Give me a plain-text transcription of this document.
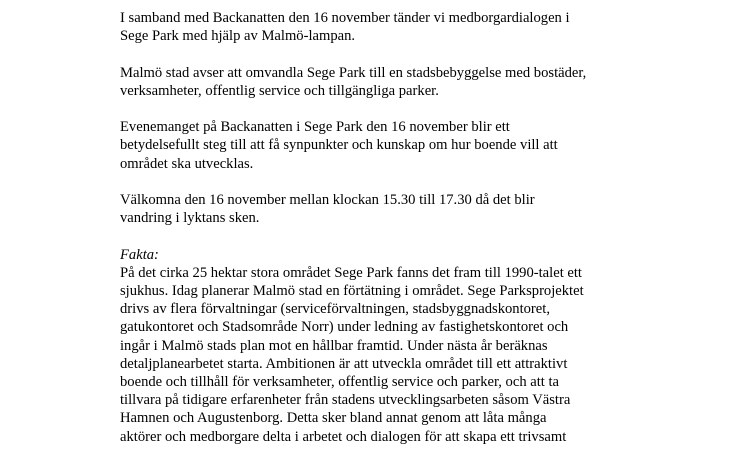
I samband med Backanatten den 16 november tänder vi medborgardialogen i
Sege Park med hjälp av Malmö-lampan.
Malmö stad avser att omvandla Sege Park till en stadsbebyggelse med bostäder,
verksamheter, offentlig service och tillgängliga parker.
Evenemanget på Backanatten i Sege Park den 16 november blir ett
betydelsefullt steg till att få synpunkter och kunskap om hur boende vill att
området ska utvecklas.
Välkomna den 16 november mellan klockan 15.30 till 17.30 då det blir
vandring i lyktans sken.
Fakta:
På det cirka 25 hektar stora området Sege Park fanns det fram till 1990-talet ett
sjukhus. Idag planerar Malmö stad en förtätning i området. Sege Parksprojektet
drivs av flera förvaltningar (serviceförvaltningen, stadsbyggnadskontoret,
gatukontoret och Stadsområde Norr) under ledning av fastighetskontoret och
ingår i Malmö stads plan mot en hållbar framtid. Under nästa år beräknas
detaljplanearbetet starta. Ambitionen är att utveckla området till ett attraktivt
boende och tillhåll för verksamheter, offentlig service och parker, och att ta
tillvara på tidigare erfarenheter från stadens utvecklingsarbeten såsom Västra
Hamnen och Augustenborg. Detta sker bland annat genom att låta många
aktörer och medborgare delta i arbetet och dialogen för att skapa ett trivsamt
